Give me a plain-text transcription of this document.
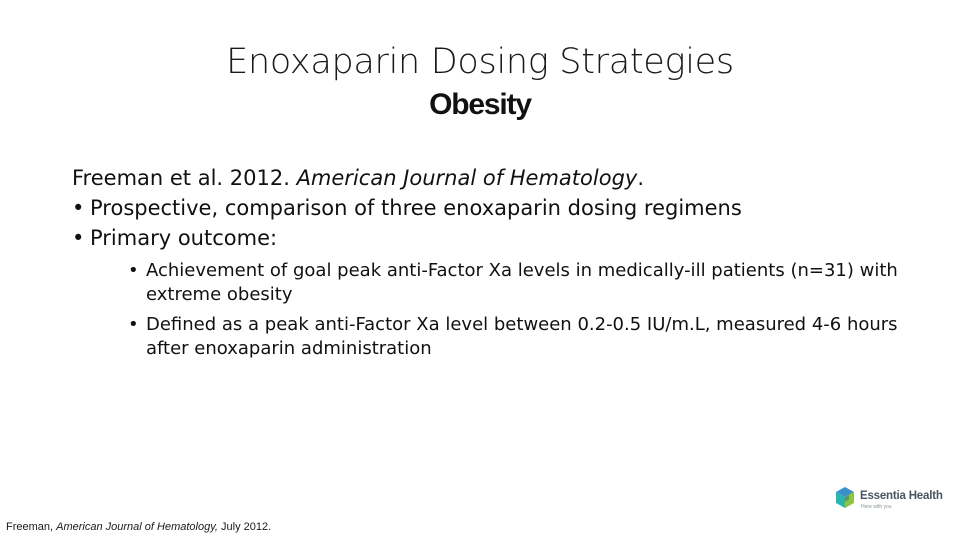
Enoxaparin Dosing Strategies
Obesity

Freeman et al. 2012. American Journal of Hematology.

• Prospective, comparison of three enoxaparin dosing regimens
• Primary outcome:
• Achievement of goal peak anti-Factor Xa levels in medically-ill patients (n=31) with extreme obesity
• Defined as a peak anti-Factor Xa level between 0.2-0.5 IU/m.L, measured 4-6 hours after enoxaparin administration
Freeman, American Journal of Hematology, July 2012.
Essentia Health
Here with you
